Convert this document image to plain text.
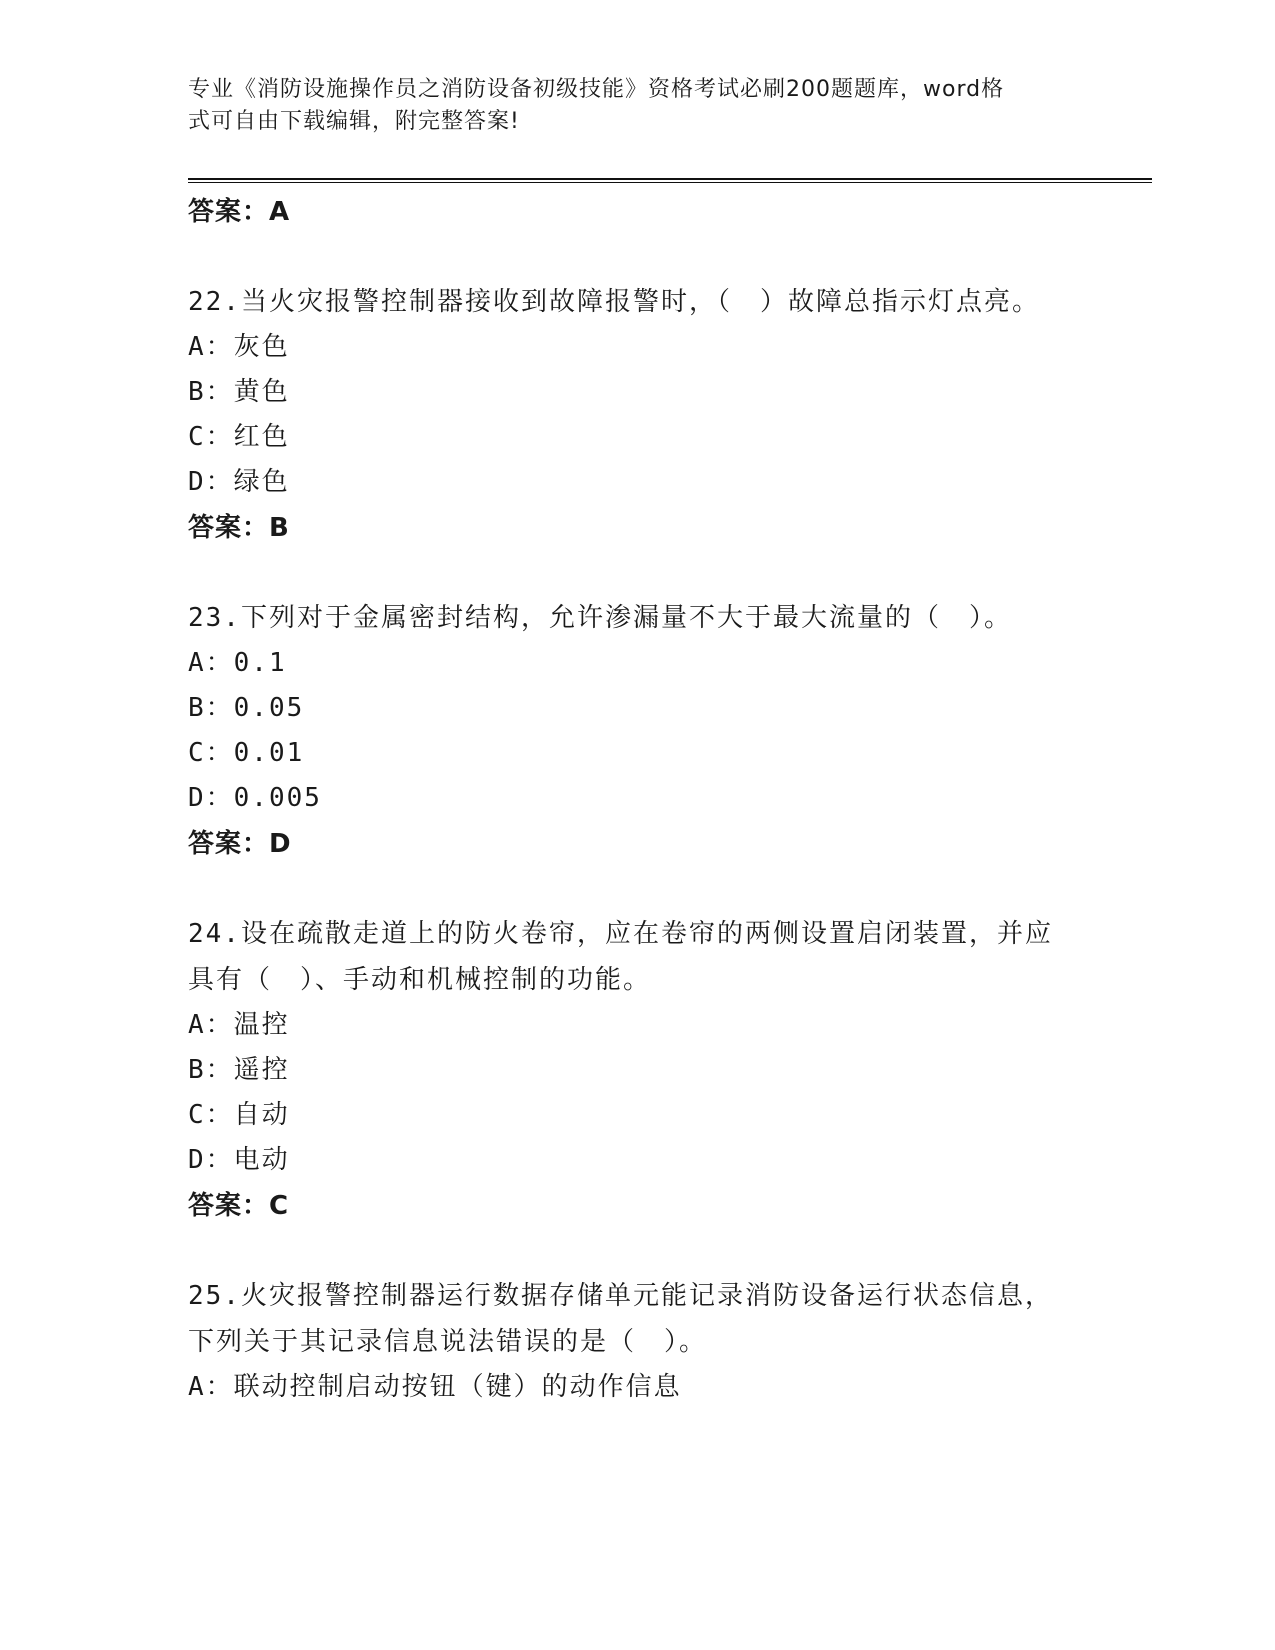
专业《消防设施操作员之消防设备初级技能》资格考试必刷200题题库，word格
式可自由下载编辑，附完整答案!
答案：A
22.当火灾报警控制器接收到故障报警时，（　）故障总指示灯点亮。
A：灰色
B：黄色
C：红色
D：绿色
答案：B
23.下列对于金属密封结构，允许渗漏量不大于最大流量的（　）。
A：0.1
B：0.05
C：0.01
D：0.005
答案：D
24.设在疏散走道上的防火卷帘，应在卷帘的两侧设置启闭装置，并应
具有（　）、手动和机械控制的功能。
A：温控
B：遥控
C：自动
D：电动
答案：C
25.火灾报警控制器运行数据存储单元能记录消防设备运行状态信息，
下列关于其记录信息说法错误的是（　）。
A：联动控制启动按钮（键）的动作信息
